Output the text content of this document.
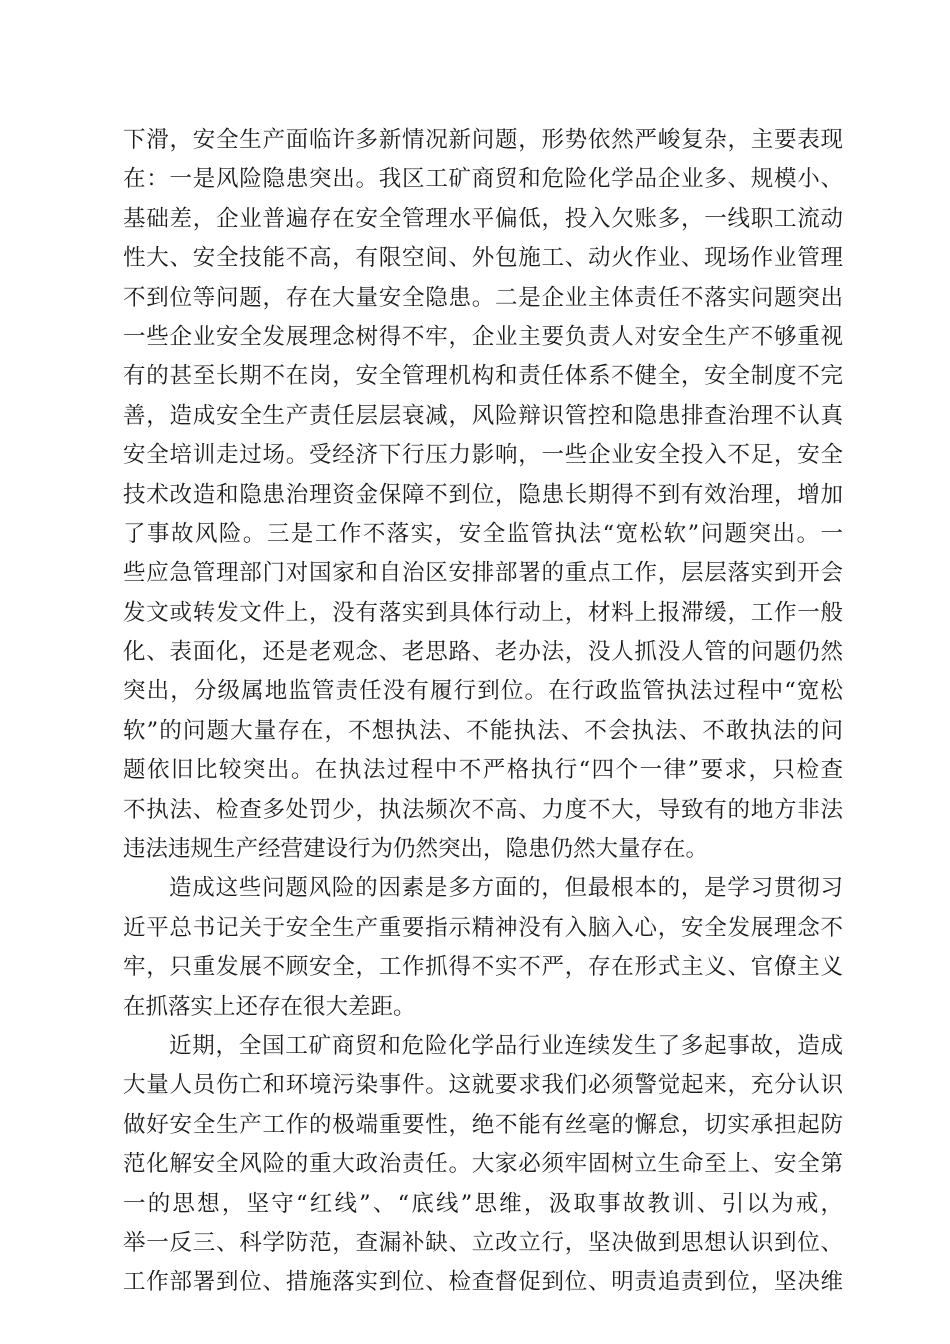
下滑，安全生产面临许多新情况新问题，形势依然严峻复杂，主要表现
在：一是风险隐患突出。我区工矿商贸和危险化学品企业多、规模小、
基础差，企业普遍存在安全管理水平偏低，投入欠账多，一线职工流动
性大、安全技能不高，有限空间、外包施工、动火作业、现场作业管理
不到位等问题，存在大量安全隐患。二是企业主体责任不落实问题突出
一些企业安全发展理念树得不牢，企业主要负责人对安全生产不够重视
有的甚至长期不在岗，安全管理机构和责任体系不健全，安全制度不完
善，造成安全生产责任层层衰减，风险辩识管控和隐患排查治理不认真
安全培训走过场。受经济下行压力影响，一些企业安全投入不足，安全
技术改造和隐患治理资金保障不到位，隐患长期得不到有效治理，增加
了事故风险。三是工作不落实，安全监管执法“宽松软”问题突出。一
些应急管理部门对国家和自治区安排部署的重点工作，层层落实到开会
发文或转发文件上，没有落实到具体行动上，材料上报滞缓，工作一般
化、表面化，还是老观念、老思路、老办法，没人抓没人管的问题仍然
突出，分级属地监管责任没有履行到位。在行政监管执法过程中“宽松
软”的问题大量存在，不想执法、不能执法、不会执法、不敢执法的问
题依旧比较突出。在执法过程中不严格执行“四个一律”要求，只检查
不执法、检查多处罚少，执法频次不高、力度不大，导致有的地方非法
违法违规生产经营建设行为仍然突出，隐患仍然大量存在。
造成这些问题风险的因素是多方面的，但最根本的，是学习贯彻习
近平总书记关于安全生产重要指示精神没有入脑入心，安全发展理念不
牢，只重发展不顾安全，工作抓得不实不严，存在形式主义、官僚主义
在抓落实上还存在很大差距。
近期，全国工矿商贸和危险化学品行业连续发生了多起事故，造成
大量人员伤亡和环境污染事件。这就要求我们必须警觉起来，充分认识
做好安全生产工作的极端重要性，绝不能有丝毫的懈怠，切实承担起防
范化解安全风险的重大政治责任。大家必须牢固树立生命至上、安全第
一的思想，坚守“红线”、“底线”思维，汲取事故教训、引以为戒，
举一反三、科学防范，查漏补缺、立改立行，坚决做到思想认识到位、
工作部署到位、措施落实到位、检查督促到位、明责追责到位，坚决维
